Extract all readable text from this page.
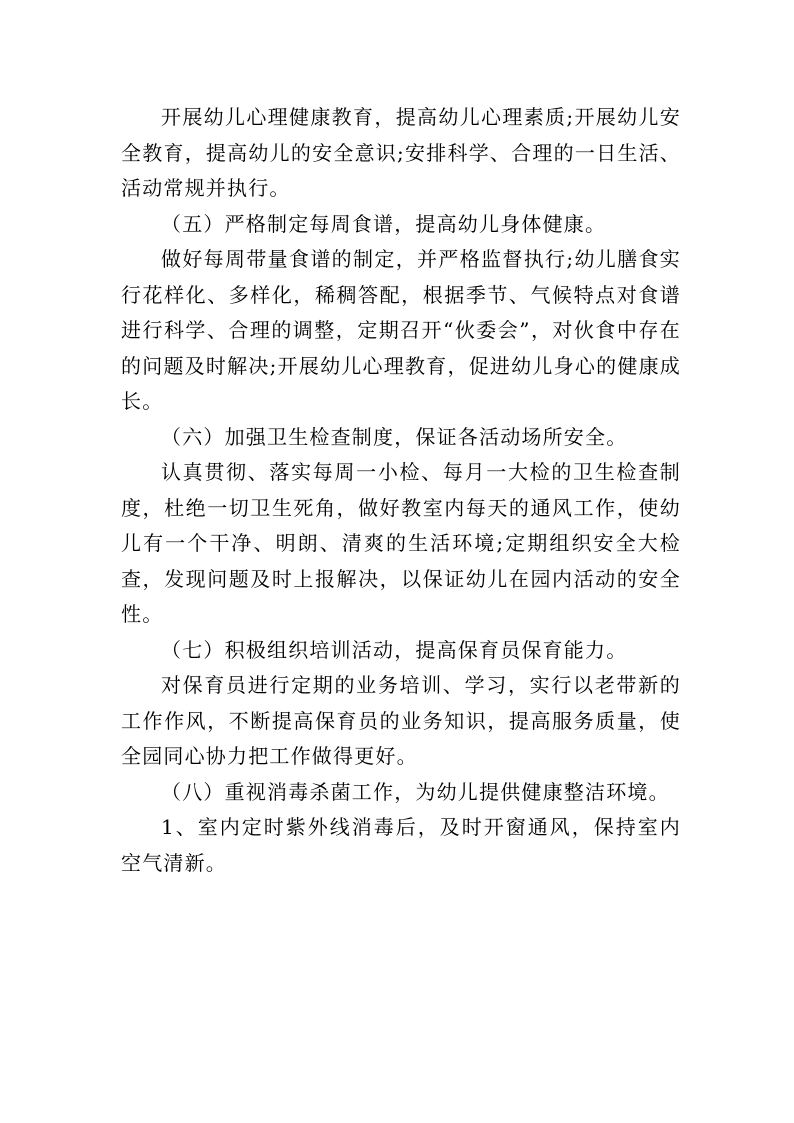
开展幼儿心理健康教育，提高幼儿心理素质;开展幼儿安全教育，提高幼儿的安全意识;安排科学、合理的一日生活、活动常规并执行。

（五）严格制定每周食谱，提高幼儿身体健康。

做好每周带量食谱的制定，并严格监督执行;幼儿膳食实行花样化、多样化，稀稠答配，根据季节、气候特点对食谱进行科学、合理的调整，定期召开“伙委会”，对伙食中存在的问题及时解决;开展幼儿心理教育，促进幼儿身心的健康成长。

（六）加强卫生检查制度，保证各活动场所安全。

认真贯彻、落实每周一小检、每月一大检的卫生检查制度，杜绝一切卫生死角，做好教室内每天的通风工作，使幼儿有一个干净、明朗、清爽的生活环境;定期组织安全大检查，发现问题及时上报解决，以保证幼儿在园内活动的安全性。

（七）积极组织培训活动，提高保育员保育能力。

对保育员进行定期的业务培训、学习，实行以老带新的工作作风，不断提高保育员的业务知识，提高服务质量，使全园同心协力把工作做得更好。

（八）重视消毒杀菌工作，为幼儿提供健康整洁环境。

1、室内定时紫外线消毒后，及时开窗通风，保持室内空气清新。
